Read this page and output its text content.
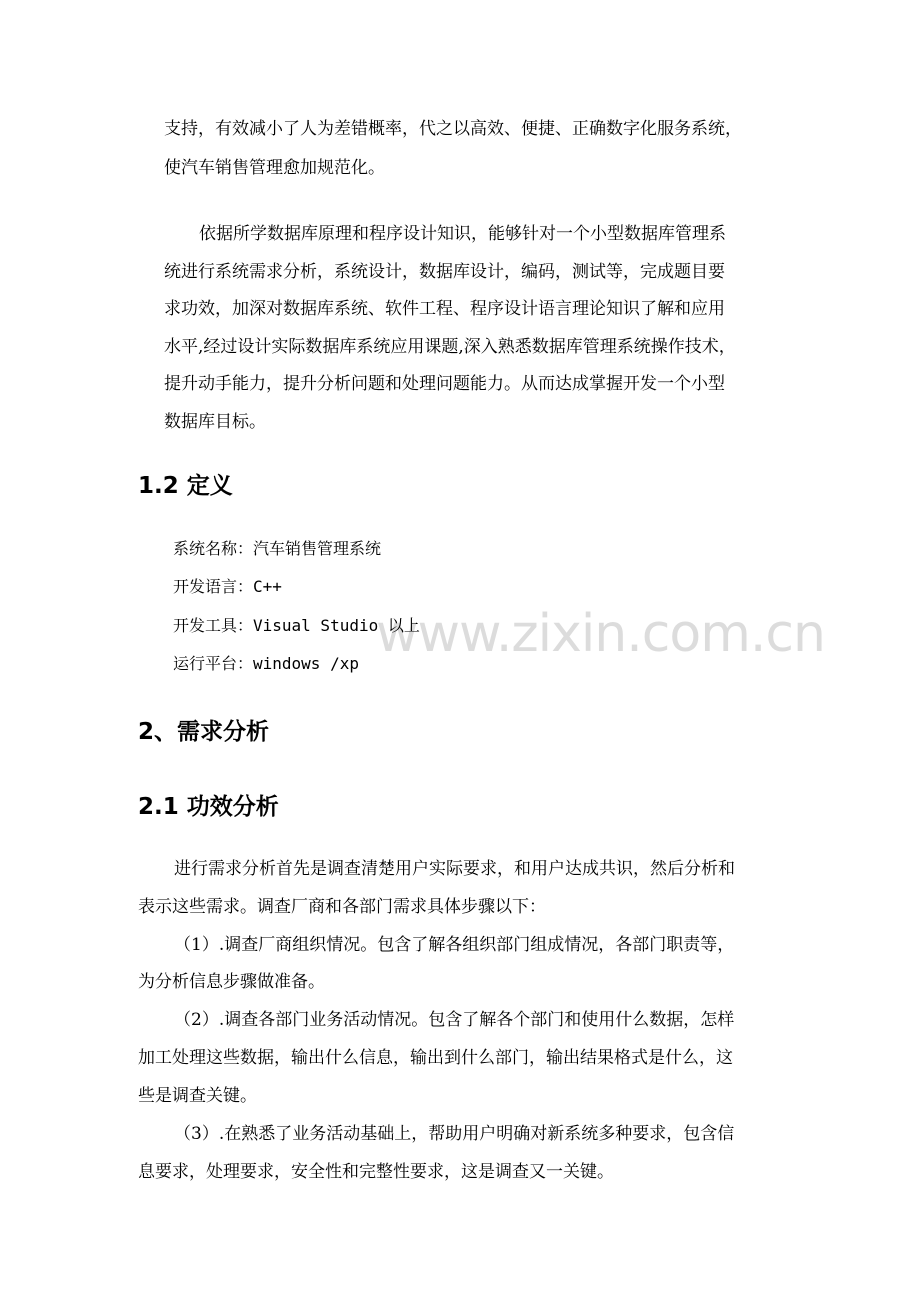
www.zixin.com.cn
支持，有效减小了人为差错概率，代之以高效、便捷、正确数字化服务系统，
使汽车销售管理愈加规范化。
依据所学数据库原理和程序设计知识，能够针对一个小型数据库管理系
统进行系统需求分析，系统设计，数据库设计，编码，测试等，完成题目要
求功效，加深对数据库系统、软件工程、程序设计语言理论知识了解和应用
水平,经过设计实际数据库系统应用课题,深入熟悉数据库管理系统操作技术，
提升动手能力，提升分析问题和处理问题能力。从而达成掌握开发一个小型
数据库目标。
1.2 定义
系统名称：汽车销售管理系统
开发语言：C++
开发工具：Visual Studio 以上
运行平台：windows /xp
2、需求分析
2.1 功效分析
进行需求分析首先是调查清楚用户实际要求，和用户达成共识，然后分析和
表示这些需求。调查厂商和各部门需求具体步骤以下：
（1）.调查厂商组织情况。包含了解各组织部门组成情况，各部门职责等，
为分析信息步骤做准备。
（2）.调查各部门业务活动情况。包含了解各个部门和使用什么数据，怎样
加工处理这些数据，输出什么信息，输出到什么部门，输出结果格式是什么，这
些是调查关键。
（3）.在熟悉了业务活动基础上，帮助用户明确对新系统多种要求，包含信
息要求，处理要求，安全性和完整性要求，这是调查又一关键。
